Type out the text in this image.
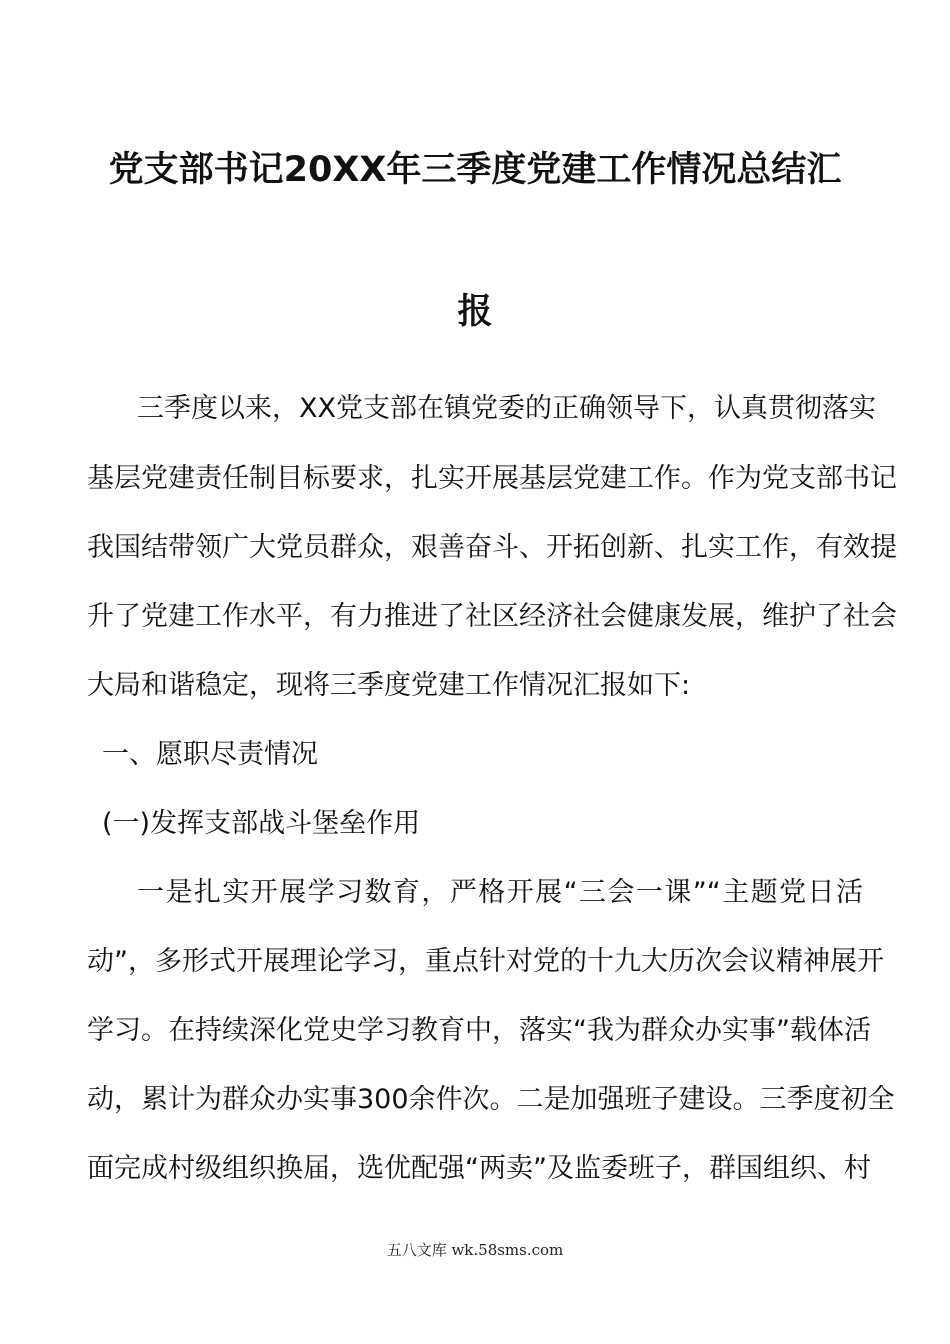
党支部书记20XX年三季度党建工作情况总结汇
报
三季度以来，XX党支部在镇党委的正确领导下，认真贯彻落实
基层党建责任制目标要求，扎实开展基层党建工作。作为党支部书记
我国结带领广大党员群众，艰善奋斗、开拓创新、扎实工作，有效提
升了党建工作水平，有力推进了社区经济社会健康发展，维护了社会
大局和谐稳定，现将三季度党建工作情况汇报如下:
一、愿职尽责情况
(一)发挥支部战斗堡垒作用
一是扎实开展学习数育，严格开展“三会一课”“主题党日活
动”，多形式开展理论学习，重点针对党的十九大历次会议精神展开
学习。在持续深化党史学习教育中，落实“我为群众办实事”载体活
动，累计为群众办实事300余件次。二是加强班子建设。三季度初全
面完成村级组织换届，选优配强“两卖”及监委班子，群国组织、村
五八文库 wk.58sms.com
